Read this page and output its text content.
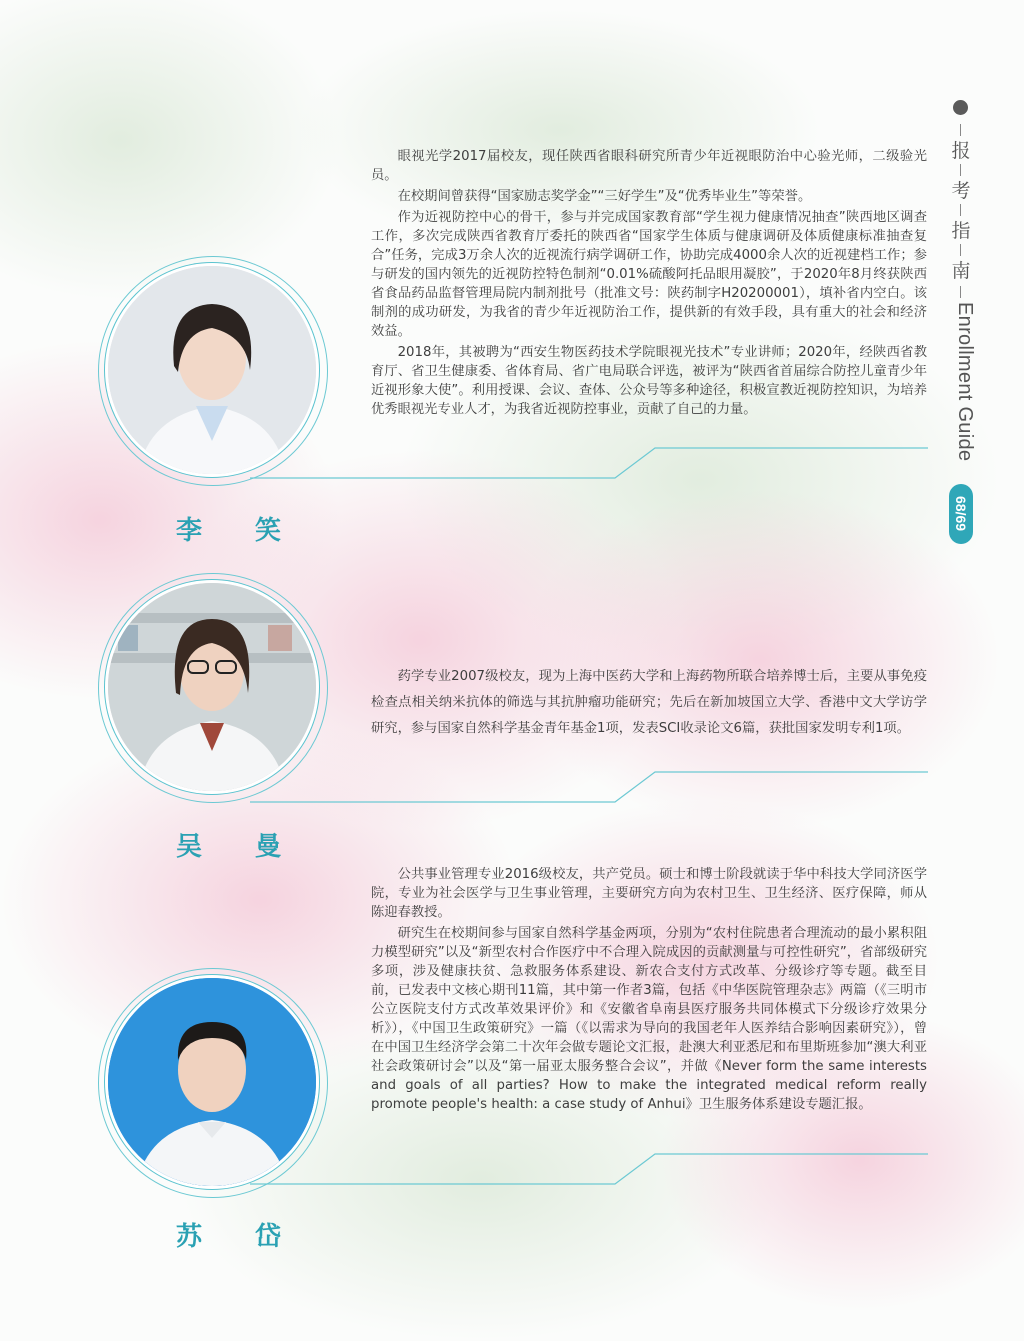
报
考
指
南
Enrollment Guide
68/69
李 笑

眼视光学2017届校友，现任陕西省眼科研究所青少年近视眼防治中心验光师，二级验光员。

在校期间曾获得“国家励志奖学金”“三好学生”及“优秀毕业生”等荣誉。

作为近视防控中心的骨干，参与并完成国家教育部“学生视力健康情况抽查”陕西地区调查工作，多次完成陕西省教育厅委托的陕西省“国家学生体质与健康调研及体质健康标准抽查复合”任务，完成3万余人次的近视流行病学调研工作，协助完成4000余人次的近视建档工作；参与研发的国内领先的近视防控特色制剂“0.01%硫酸阿托品眼用凝胶”，于2020年8月终获陕西省食品药品监督管理局院内制剂批号（批准文号：陕药制字H20200001），填补省内空白。该制剂的成功研发，为我省的青少年近视防治工作，提供新的有效手段，具有重大的社会和经济效益。

2018年，其被聘为“西安生物医药技术学院眼视光技术”专业讲师；2020年，经陕西省教育厅、省卫生健康委、省体育局、省广电局联合评选，被评为“陕西省首届综合防控儿童青少年近视形象大使”。利用授课、会议、查体、公众号等多种途径，积极宣教近视防控知识，为培养优秀眼视光专业人才，为我省近视防控事业，贡献了自己的力量。

吴 曼

药学专业2007级校友，现为上海中医药大学和上海药物所联合培养博士后，主要从事免疫检查点相关纳米抗体的筛选与其抗肿瘤功能研究；先后在新加坡国立大学、香港中文大学访学研究，参与国家自然科学基金青年基金1项，发表SCI收录论文6篇，获批国家发明专利1项。

苏 岱

公共事业管理专业2016级校友，共产党员。硕士和博士阶段就读于华中科技大学同济医学院，专业为社会医学与卫生事业管理，主要研究方向为农村卫生、卫生经济、医疗保障，师从陈迎春教授。

研究生在校期间参与国家自然科学基金两项，分别为“农村住院患者合理流动的最小累积阻力模型研究”以及“新型农村合作医疗中不合理入院成因的贡献测量与可控性研究”，省部级研究多项，涉及健康扶贫、急救服务体系建设、新农合支付方式改革、分级诊疗等专题。截至目前，已发表中文核心期刊11篇，其中第一作者3篇，包括《中华医院管理杂志》两篇（《三明市公立医院支付方式改革效果评价》和《安徽省阜南县医疗服务共同体模式下分级诊疗效果分析》），《中国卫生政策研究》一篇（《以需求为导向的我国老年人医养结合影响因素研究》），曾在中国卫生经济学会第二十次年会做专题论文汇报，赴澳大利亚悉尼和布里斯班参加“澳大利亚社会政策研讨会”以及“第一届亚太服务整合会议”，并做《Never form the same interests and goals of all parties? How to make the integrated medical reform really promote people's health: a case study of Anhui》卫生服务体系建设专题汇报。
